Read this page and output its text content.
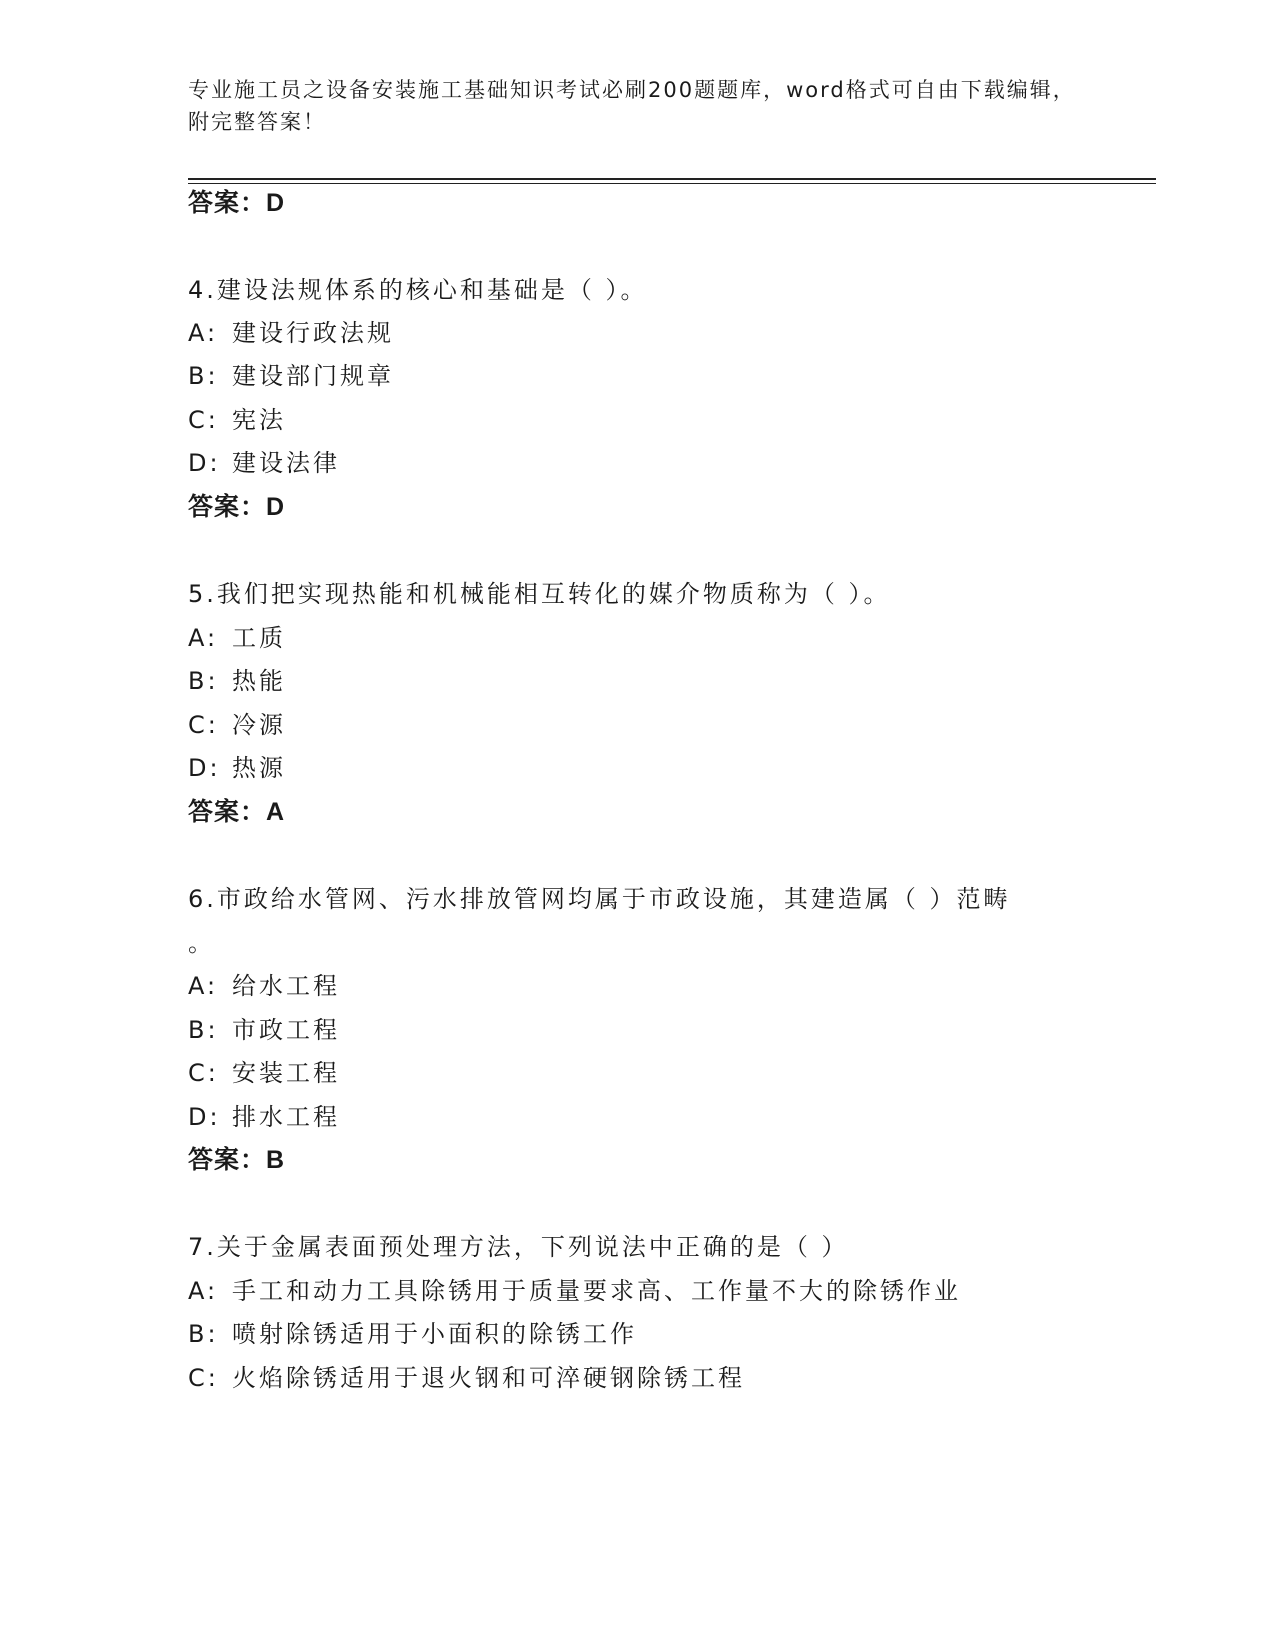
专业施工员之设备安装施工基础知识考试必刷200题题库，word格式可自由下载编辑，附完整答案！
答案：D
4.建设法规体系的核心和基础是（ ）。
A: 建设行政法规
B: 建设部门规章
C: 宪法
D: 建设法律
答案：D
5.我们把实现热能和机械能相互转化的媒介物质称为（ ）。
A: 工质
B: 热能
C: 冷源
D: 热源
答案：A
6.市政给水管网、污水排放管网均属于市政设施，其建造属（ ）范畴
。
A: 给水工程
B: 市政工程
C: 安装工程
D: 排水工程
答案：B
7.关于金属表面预处理方法，下列说法中正确的是（ ）
A: 手工和动力工具除锈用于质量要求高、工作量不大的除锈作业
B: 喷射除锈适用于小面积的除锈工作
C: 火焰除锈适用于退火钢和可淬硬钢除锈工程
